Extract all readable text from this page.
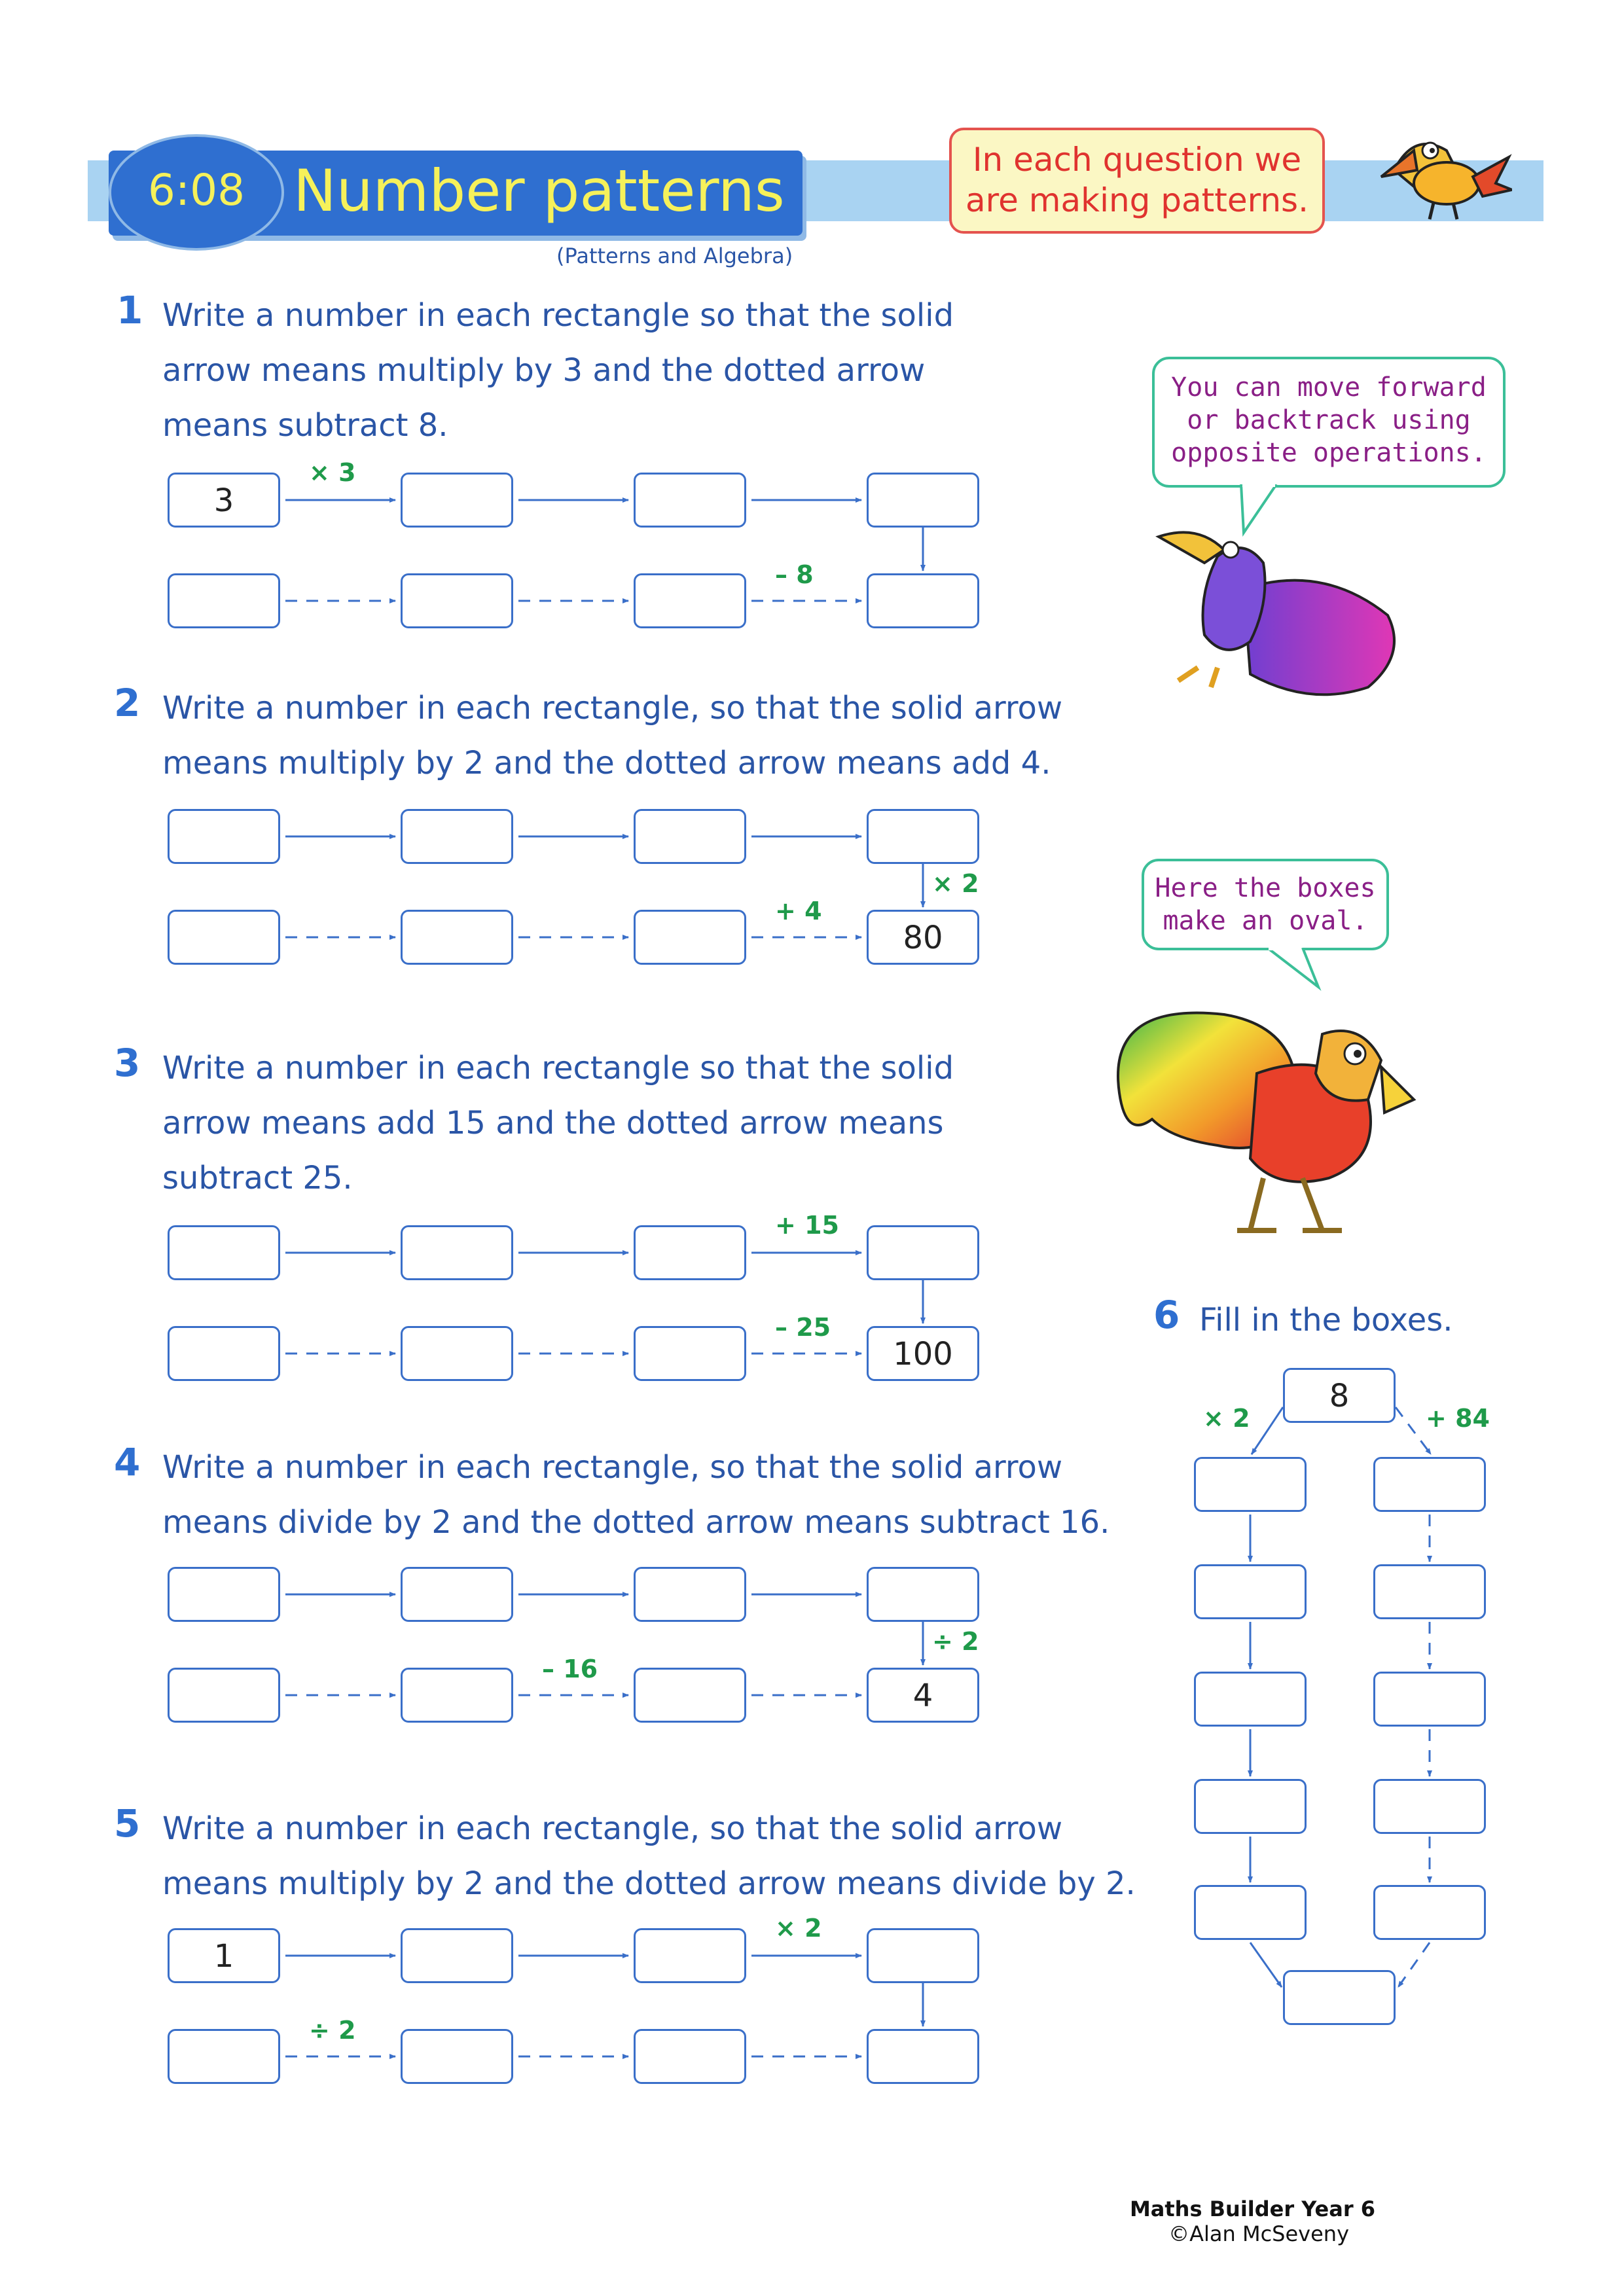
6:08 Number patterns
(Patterns and Algebra)
In each question we
are making patterns.
You can move forward
or backtrack using
opposite operations.
Here the boxes
make an oval.
1 Write a number in each rectangle so that the solid
arrow means multiply by 3 and the dotted arrow
means subtract 8.
2 Write a number in each rectangle, so that the solid arrow
means multiply by 2 and the dotted arrow means add 4.
3 Write a number in each rectangle so that the solid
arrow means add 15 and the dotted arrow means
subtract 25.
4 Write a number in each rectangle, so that the solid arrow
means divide by 2 and the dotted arrow means subtract 16.
5 Write a number in each rectangle, so that the solid arrow
means multiply by 2 and the dotted arrow means divide by 2.
6 Fill in the boxes.
3
× 3
– 8
80
+ 4
× 2
100
+ 15
– 25
4
– 16
÷ 2
1
× 2
÷ 2
8
× 2	+ 84
Maths Builder Year 6
©Alan McSeveny
